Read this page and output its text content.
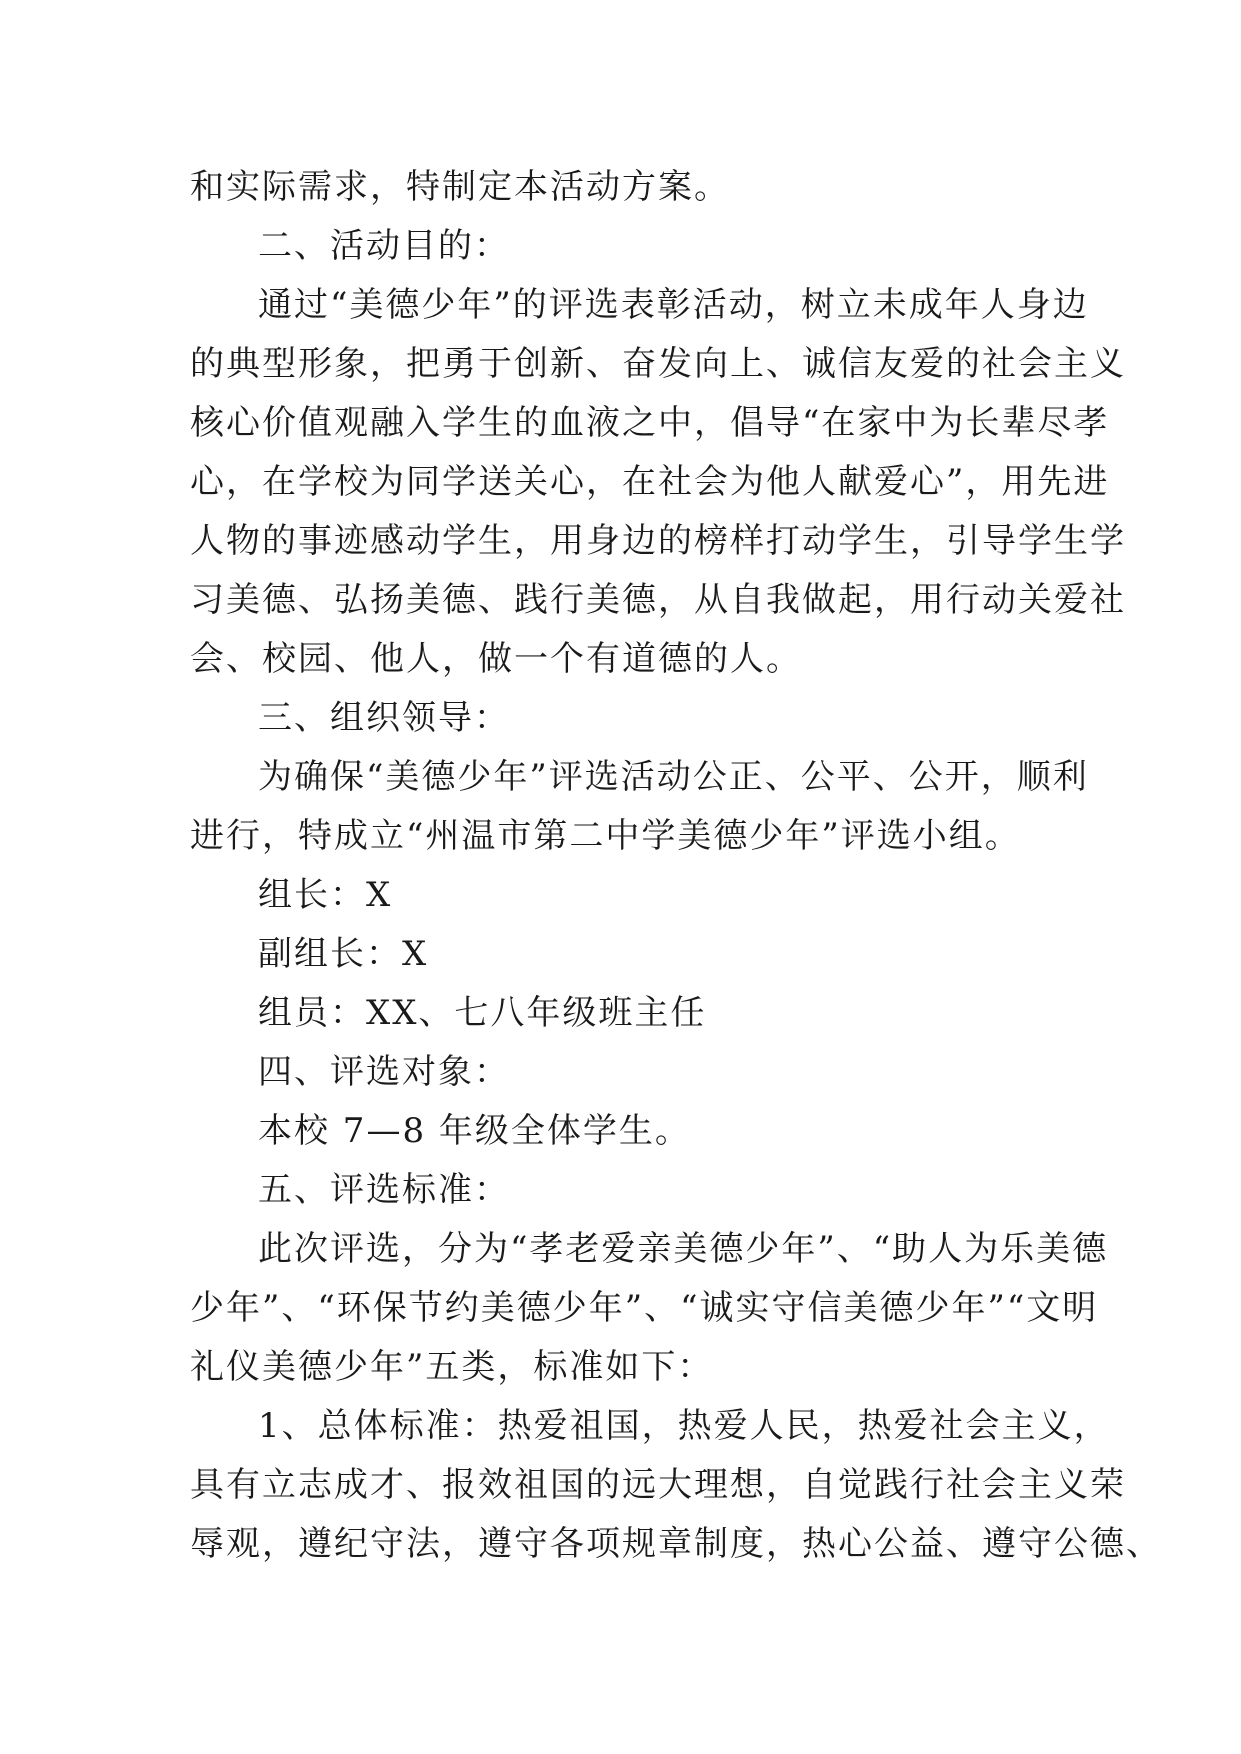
和实际需求，特制定本活动方案。
二、活动目的：
通过“美德少年”的评选表彰活动，树立未成年人身边
的典型形象，把勇于创新、奋发向上、诚信友爱的社会主义
核心价值观融入学生的血液之中，倡导“在家中为长辈尽孝
心，在学校为同学送关心，在社会为他人献爱心”，用先进
人物的事迹感动学生，用身边的榜样打动学生，引导学生学
习美德、弘扬美德、践行美德，从自我做起，用行动关爱社
会、校园、他人，做一个有道德的人。
三、组织领导：
为确保“美德少年”评选活动公正、公平、公开，顺利
进行，特成立“州温市第二中学美德少年”评选小组。
组长：X
副组长：X
组员：XX、七八年级班主任
四、评选对象：
本校 7—8 年级全体学生。
五、评选标准：
此次评选，分为“孝老爱亲美德少年”、“助人为乐美德
少年”、“环保节约美德少年”、“诚实守信美德少年”“文明
礼仪美德少年”五类，标准如下：
1、总体标准：热爱祖国，热爱人民，热爱社会主义，
具有立志成才、报效祖国的远大理想，自觉践行社会主义荣
辱观，遵纪守法，遵守各项规章制度，热心公益、遵守公德、
